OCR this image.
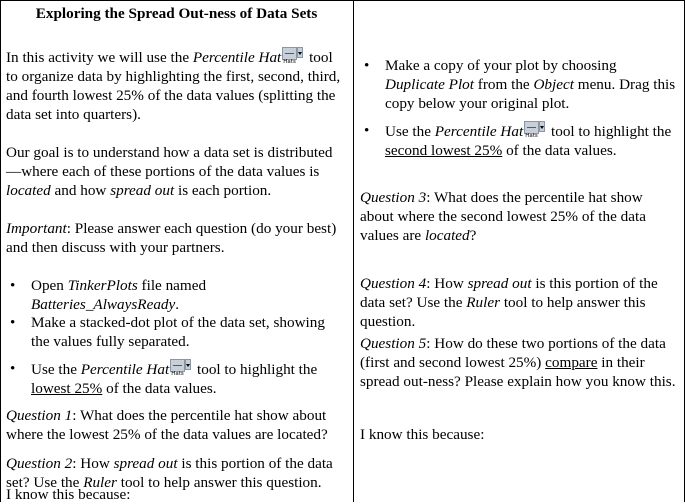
Exploring the Spread Out-ness of Data Sets

In this activity we will use the Percentile Hat Hats tool to organize data by highlighting the first, second, third, and fourth lowest 25% of the data values (splitting the data set into quarters).

Our goal is to understand how a data set is distributed—where each of these portions of the data values is located and how spread out is each portion.

Important: Please answer each question (do your best) and then discuss with your partners.

• Open TinkerPlots file named Batteries_AlwaysReady.
• Make a stacked-dot plot of the data set, showing the values fully separated.
• Use the Percentile Hat Hats tool to highlight the lowest 25% of the data values.

Question 1: What does the percentile hat show about where the lowest 25% of the data values are located?

Question 2: How spread out is this portion of the data set? Use the Ruler tool to help answer this question.

I know this because:

• Make a copy of your plot by choosing Duplicate Plot from the Object menu. Drag this copy below your original plot.
• Use the Percentile Hat Hats tool to highlight the second lowest 25% of the data values.

Question 3: What does the percentile hat show about where the second lowest 25% of the data values are located?

Question 4: How spread out is this portion of the data set? Use the Ruler tool to help answer this question.

Question 5: How do these two portions of the data (first and second lowest 25%) compare in their spread out-ness? Please explain how you know this.

I know this because:
